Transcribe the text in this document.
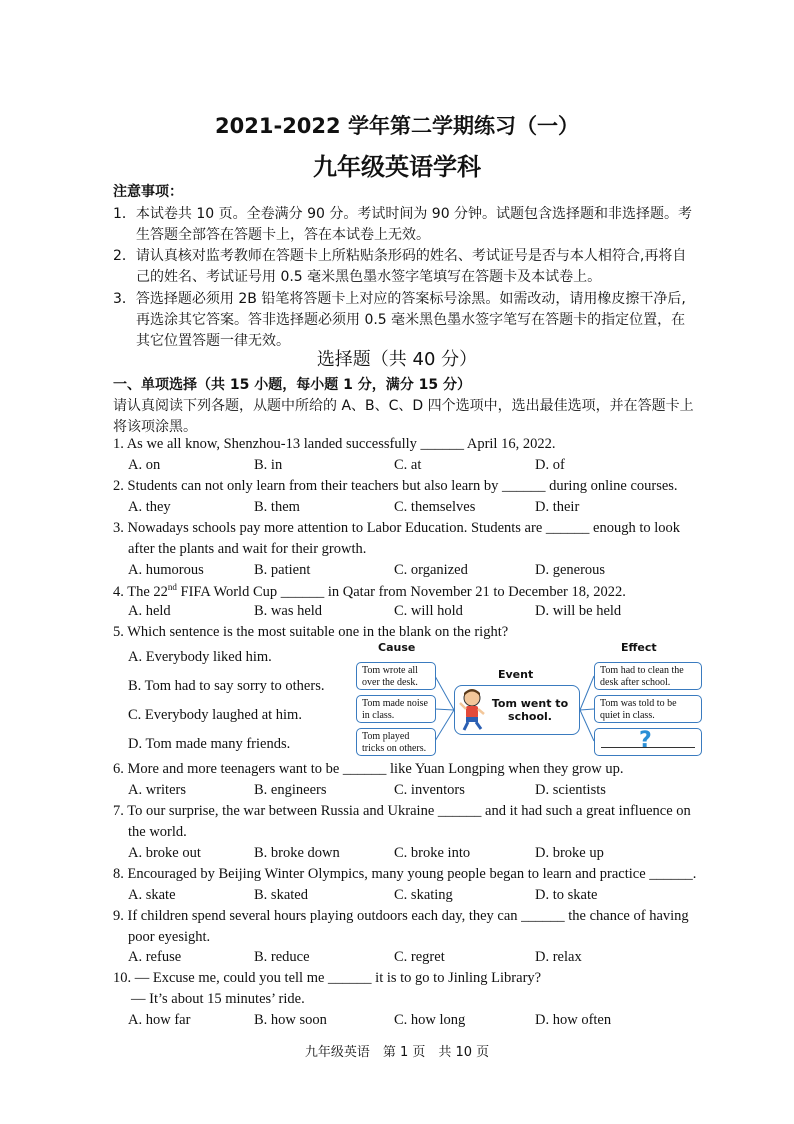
2021-2022 学年第二学期练习（一）
九年级英语学科
注意事项：
1．本试卷共 10 页。全卷满分 90 分。考试时间为 90 分钟。试题包含选择题和非选择题。考
生答题全部答在答题卡上，答在本试卷上无效。
2．请认真核对监考教师在答题卡上所粘贴条形码的姓名、考试证号是否与本人相符合,再将自
己的姓名、考试证号用 0.5 毫米黑色墨水签字笔填写在答题卡及本试卷上。
3．答选择题必须用 2B 铅笔将答题卡上对应的答案标号涂黑。如需改动，请用橡皮擦干净后,
再选涂其它答案。答非选择题必须用 0.5 毫米黑色墨水签字笔写在答题卡的指定位置，在
其它位置答题一律无效。
选择题（共 40 分）
一、单项选择（共 15 小题，每小题 1 分，满分 15 分）
请认真阅读下列各题，从题中所给的 A、B、C、D 四个选项中，选出最佳选项，并在答题卡上
将该项涂黑。
1. As we all know, Shenzhou-13 landed successfully ______ April 16, 2022.
A. on	B. in	C. at	D. of
2. Students can not only learn from their teachers but also learn by ______ during online courses.
A. they	B. them	C. themselves	D. their
3. Nowadays schools pay more attention to Labor Education. Students are ______ enough to look
after the plants and wait for their growth.
A. humorous	B. patient	C. organized	D. generous
4. The 22nd FIFA World Cup ______ in Qatar from November 21 to December 18, 2022.
A. held	B. was held	C. will hold	D. will be held
5. Which sentence is the most suitable one in the blank on the right?
A. Everybody liked him.
B. Tom had to say sorry to others.
C. Everybody laughed at him.
D. Tom made many friends.
Cause
Event
Effect
Tom wrote all over the desk.
Tom made noise in class.
Tom played tricks on others.
Tom went to school.
Tom had to clean the desk after school.
Tom was told to be quiet in class.
?
6. More and more teenagers want to be ______ like Yuan Longping when they grow up.
A. writers	B. engineers	C. inventors	D. scientists
7. To our surprise, the war between Russia and Ukraine ______ and it had such a great influence on
the world.
A. broke out	B. broke down	C. broke into	D. broke up
8. Encouraged by Beijing Winter Olympics, many young people began to learn and practice ______.
A. skate	B. skated	C. skating	D. to skate
9. If children spend several hours playing outdoors each day, they can ______ the chance of having
poor eyesight.
A. refuse	B. reduce	C. regret	D. relax
10. — Excuse me, could you tell me ______ it is to go to Jinling Library?
— It’s about 15 minutes’ ride.
A. how far	B. how soon	C. how long	D. how often
九年级英语　第 1 页　共 10 页
